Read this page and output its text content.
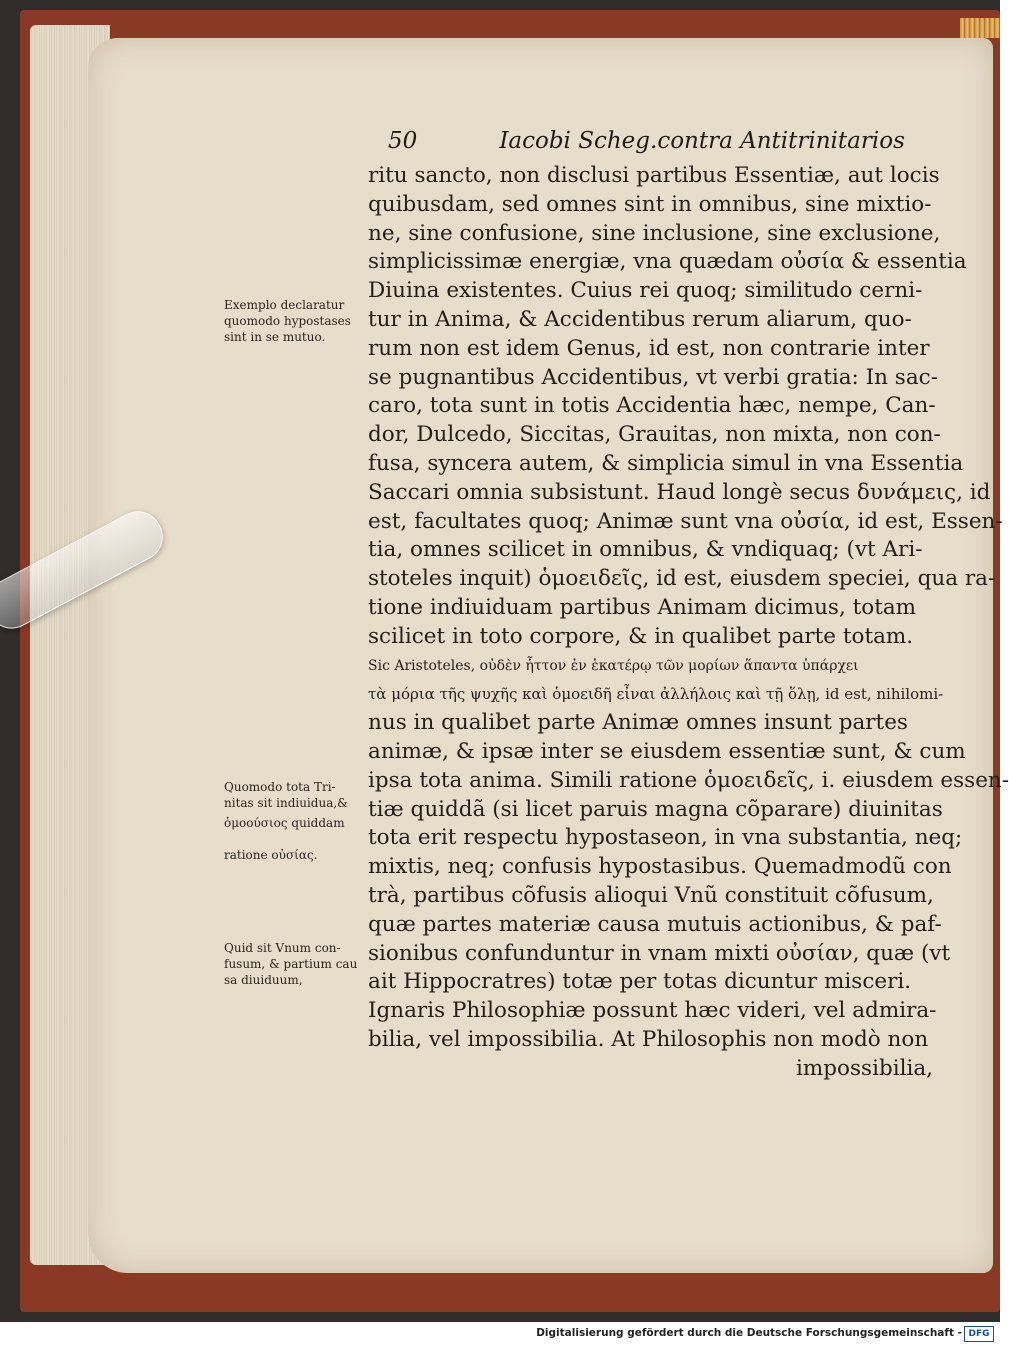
50	Iacobi Scheg.contra Antitrinitarios
Exemplo declaratur
quomodo hypostases
sint in se mutuo.
Quomodo tota Tri-
nitas sit indiuidua,&
ὁμοούσιος quiddam
ratione οὐσίας.
Quid sit Vnum con-
fusum, & partium cau
sa diuiduum,
ritu sancto, non disclusi partibus Essentiæ, aut locis
quibusdam, sed omnes sint in omnibus, sine mixtio-
ne, sine confusione, sine inclusione, sine exclusione,
simplicissimæ energiæ, vna quædam οὐσία & essentia
Diuina existentes. Cuius rei quoq; similitudo cerni-
tur in Anima, & Accidentibus rerum aliarum, quo-
rum non est idem Genus, id est, non contrarie inter
se pugnantibus Accidentibus, vt verbi gratia: In sac-
caro, tota sunt in totis Accidentia hæc, nempe, Can-
dor, Dulcedo, Siccitas, Grauitas, non mixta, non con-
fusa, syncera autem, & simplicia simul in vna Essentia
Saccari omnia subsistunt. Haud longè secus δυνάμεις, id
est, facultates quoq; Animæ sunt vna οὐσία, id est, Essen-
tia, omnes scilicet in omnibus, & vndiquaq; (vt Ari-
stoteles inquit) ὁμοειδεῖς, id est, eiusdem speciei, qua ra-
tione indiuiduam partibus Animam dicimus, totam
scilicet in toto corpore, & in qualibet parte totam.
Sic Aristoteles, οὐδὲν ἧττον ἐν ἑκατέρῳ τῶν μορίων ἅπαντα ὑπάρχει
τὰ μόρια τῆς ψυχῆς καὶ ὁμοειδῆ εἶναι ἀλλήλοις καὶ τῇ ὅλῃ, id est, nihilomi-
nus in qualibet parte Animæ omnes insunt partes
animæ, & ipsæ inter se eiusdem essentiæ sunt, & cum
ipsa tota anima. Simili ratione ὁμοειδεῖς, i. eiusdem essen-
tiæ quiddã (si licet paruis magna cõparare) diuinitas
tota erit respectu hypostaseon, in vna substantia, neq;
mixtis, neq; confusis hypostasibus. Quemadmodũ con
trà, partibus cõfusis alioqui Vnũ constituit cõfusum,
quæ partes materiæ causa mutuis actionibus, & paf-
sionibus confunduntur in vnam mixti οὐσίαν, quæ (vt
ait Hippocratres) totæ per totas dicuntur misceri.
Ignaris Philosophiæ possunt hæc videri, vel admira-
bilia, vel impossibilia. At Philosophis non modò non
impossibilia,
Digitalisierung gefördert durch die Deutsche Forschungsgemeinschaft - DFG
